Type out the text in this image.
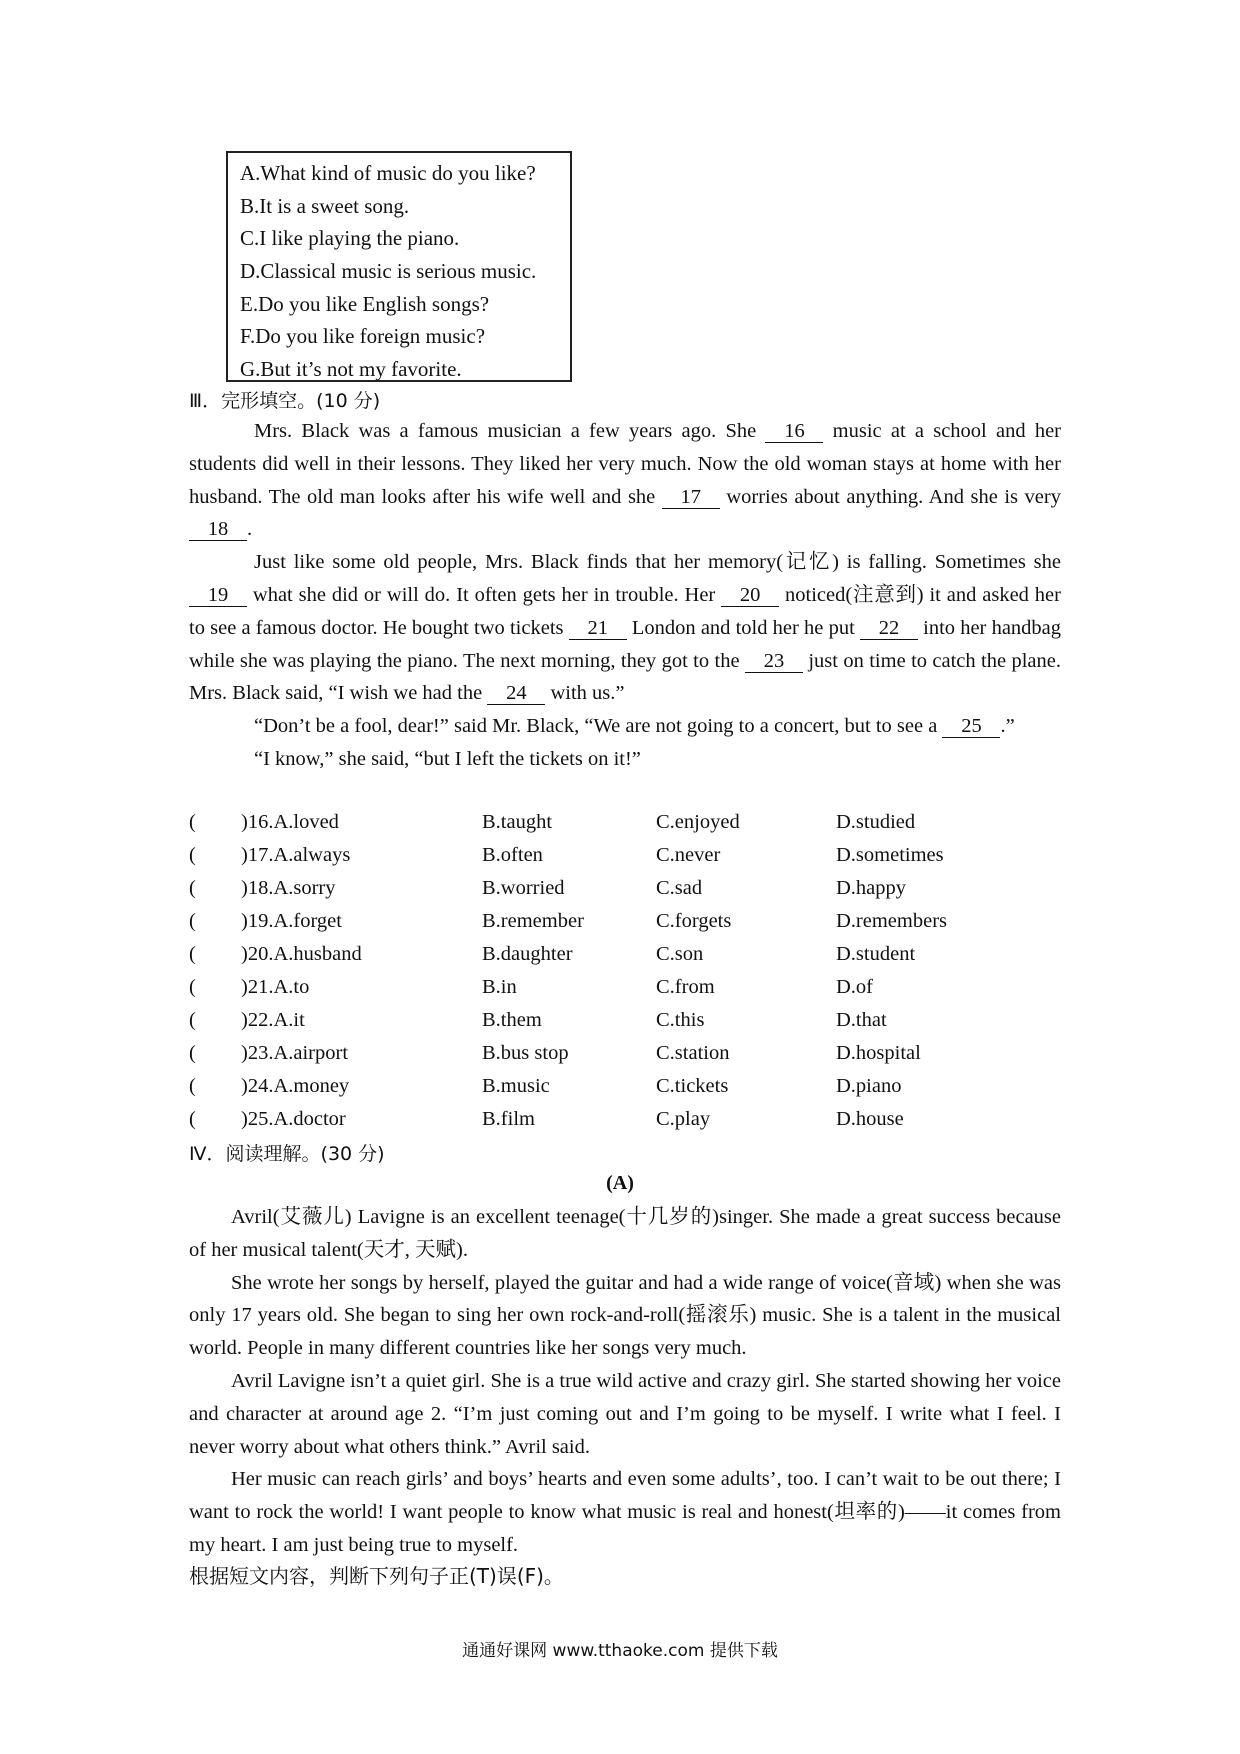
A.What kind of music do you like?
B.It is a sweet song.
C.I like playing the piano.
D.Classical music is serious music.
E.Do you like English songs?
F.Do you like foreign music?
G.But it’s not my favorite.
Ⅲ．完形填空。(10 分)

Mrs. Black was a famous musician a few years ago. She 16 music at a school and her students did well in their lessons. They liked her very much. Now the old woman stays at home with her husband. The old man looks after his wife well and she 17 worries about anything. And she is very 18 .

Just like some old people, Mrs. Black finds that her memory(记忆) is falling. Sometimes she 19 what she did or will do. It often gets her in trouble. Her 20 noticed(注意到) it and asked her to see a famous doctor. He bought two tickets 21 London and told her he put 22 into her handbag while she was playing the piano. The next morning, they got to the 23 just on time to catch the plane. Mrs. Black said, “I wish we had the 24 with us.”

“Don’t be a fool, dear!” said Mr. Black, “We are not going to a concert, but to see a 25 .”

“I know,” she said, “but I left the tickets on it!”

( )16.A.loved	B.taught	C.enjoyed	D.studied
( )17.A.always	B.often	C.never	D.sometimes
( )18.A.sorry	B.worried	C.sad	D.happy
( )19.A.forget	B.remember	C.forgets	D.remembers
( )20.A.husband	B.daughter	C.son	D.student
( )21.A.to	B.in	C.from	D.of
( )22.A.it	B.them	C.this	D.that
( )23.A.airport	B.bus stop	C.station	D.hospital
( )24.A.money	B.music	C.tickets	D.piano
( )25.A.doctor	B.film	C.play	D.house
Ⅳ．阅读理解。(30 分)
(A)

Avril(艾薇儿) Lavigne is an excellent teenage(十几岁的)singer. She made a great success because of her musical talent(天才, 天赋).

She wrote her songs by herself, played the guitar and had a wide range of voice(音域) when she was only 17 years old. She began to sing her own rock-and-roll(摇滚乐) music. She is a talent in the musical world. People in many different countries like her songs very much.

Avril Lavigne isn’t a quiet girl. She is a true wild active and crazy girl. She started showing her voice and character at around age 2. “I’m just coming out and I’m going to be myself. I write what I feel. I never worry about what others think.” Avril said.

Her music can reach girls’ and boys’ hearts and even some adults’, too. I can’t wait to be out there; I want to rock the world! I want people to know what music is real and honest(坦率的)——it comes from my heart. I am just being true to myself.

根据短文内容，判断下列句子正(T)误(F)。
通通好课网 www.tthaoke.com 提供下载
